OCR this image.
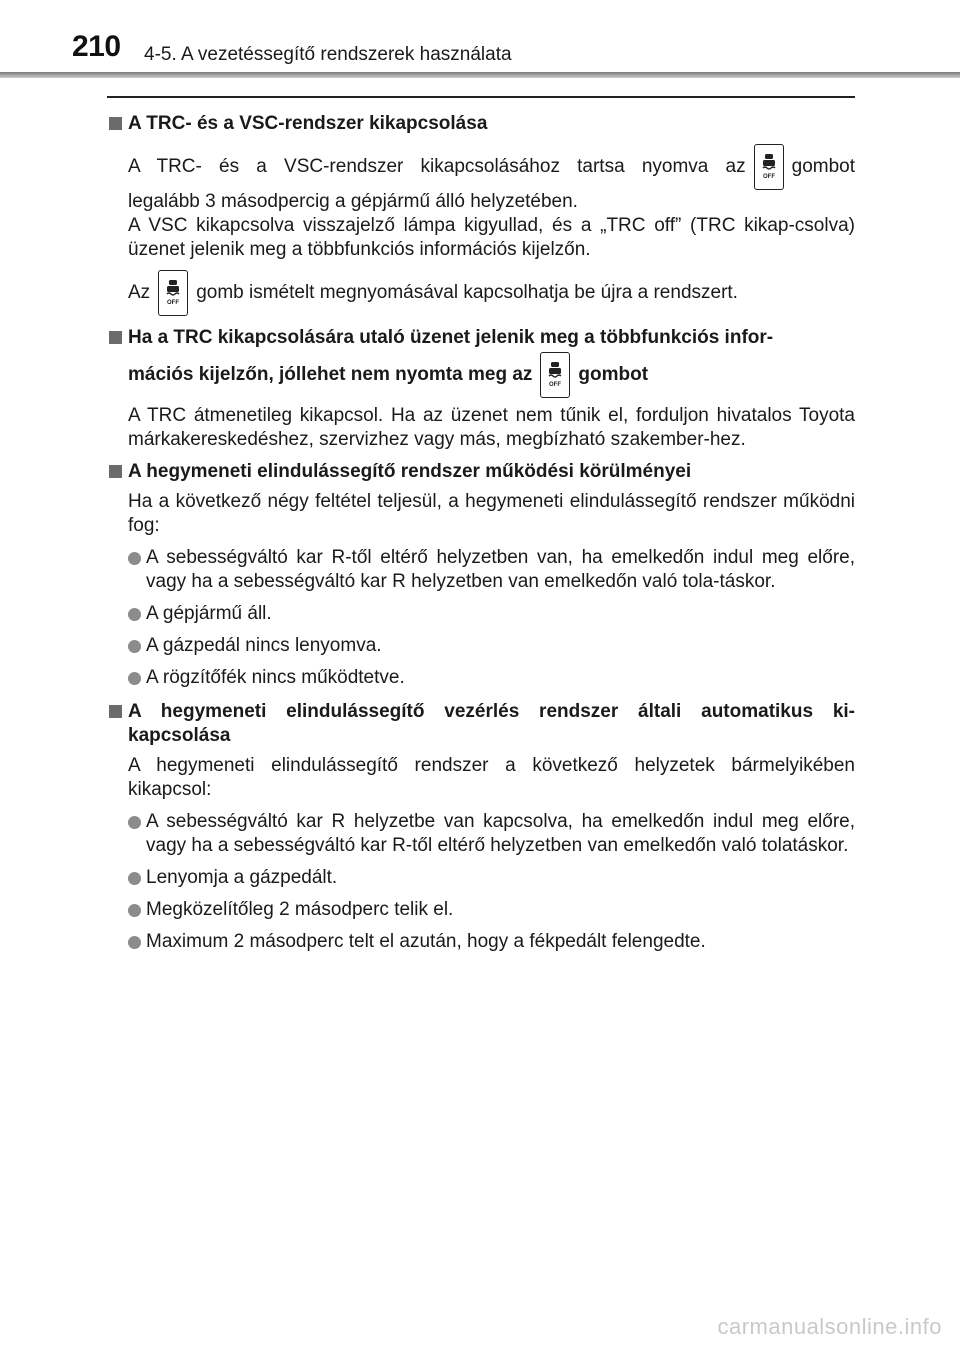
210 4-5. A vezetéssegítő rendszerek használata
A TRC- és a VSC-rendszer kikapcsolása
A TRC- és a VSC-rendszer kikapcsolásához tartsa nyomva az	OFF gombot
legalább 3 másodpercig a gépjármű álló helyzetében.
A VSC kikapcsolva visszajelző lámpa kigyullad, és a „TRC off” (TRC kikap-csolva) üzenet jelenik meg a többfunkciós információs kijelzőn.
Az	OFF gomb ismételt megnyomásával kapcsolhatja be újra a rendszert.
Ha a TRC kikapcsolására utaló üzenet jelenik meg a többfunkciós infor-
mációs kijelzőn, jóllehet nem nyomta meg az	OFF gombot
A TRC átmenetileg kikapcsol. Ha az üzenet nem tűnik el, forduljon hivatalos Toyota márkakereskedéshez, szervizhez vagy más, megbízható szakember-hez.
A hegymeneti elindulássegítő rendszer működési körülményei
Ha a következő négy feltétel teljesül, a hegymeneti elindulássegítő rendszer működni fog:
A sebességváltó kar R-től eltérő helyzetben van, ha emelkedőn indul meg előre, vagy ha a sebességváltó kar R helyzetben van emelkedőn való tola-táskor.
A gépjármű áll.
A gázpedál nincs lenyomva.
A rögzítőfék nincs működtetve.
A hegymeneti elindulássegítő vezérlés rendszer általi automatikus ki-kapcsolása
A hegymeneti elindulássegítő rendszer a következő helyzetek bármelyikében kikapcsol:
A sebességváltó kar R helyzetbe van kapcsolva, ha emelkedőn indul meg előre, vagy ha a sebességváltó kar R-től eltérő helyzetben van emelkedőn való tolatáskor.
Lenyomja a gázpedált.
Megközelítőleg 2 másodperc telik el.
Maximum 2 másodperc telt el azután, hogy a fékpedált felengedte.
carmanualsonline.info
